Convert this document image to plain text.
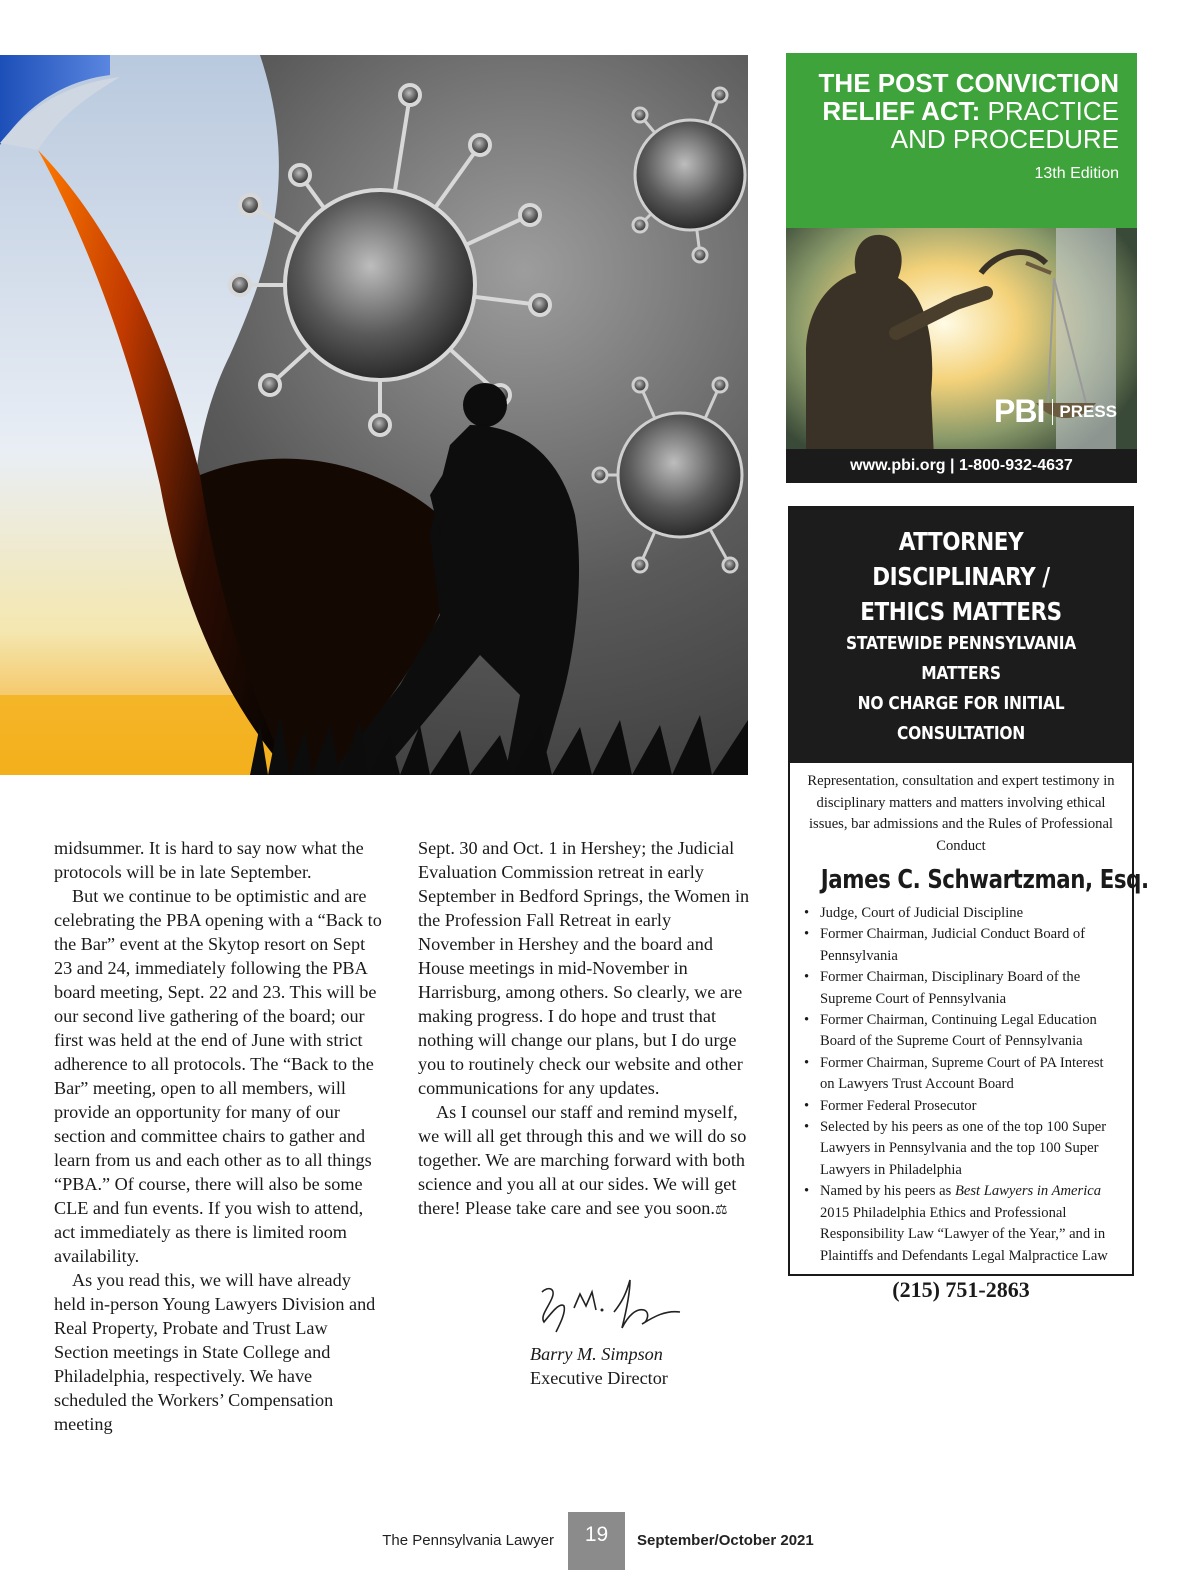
THE POST CONVICTION RELIEF ACT: PRACTICE AND PROCEDURE
13th Edition
PBI PRESS
www.pbi.org | 1-800-932-4637
ATTORNEY DISCIPLINARY /
ETHICS MATTERS
STATEWIDE PENNSYLVANIA MATTERS
NO CHARGE FOR INITIAL CONSULTATION
Representation, consultation and expert testimony in disciplinary matters and matters involving ethical issues, bar admissions and the Rules of Professional Conduct
James C. Schwartzman, Esq.
• Judge, Court of Judicial Discipline
• Former Chairman, Judicial Conduct Board of Pennsylvania
• Former Chairman, Disciplinary Board of the Supreme Court of Pennsylvania
• Former Chairman, Continuing Legal Education Board of the Supreme Court of Pennsylvania
• Former Chairman, Supreme Court of PA Interest on Lawyers Trust Account Board
• Former Federal Prosecutor
• Selected by his peers as one of the top 100 Super Lawyers in Pennsylvania and the top 100 Super Lawyers in Philadelphia
• Named by his peers as Best Lawyers in America 2015 Philadelphia Ethics and Professional Responsibility Law “Lawyer of the Year,” and in Plaintiffs and Defendants Legal Malpractice Law
(215) 751-2863

midsummer. It is hard to say now what the protocols will be in late September.

But we continue to be optimistic and are celebrating the PBA opening with a “Back to the Bar” event at the Skytop resort on Sept 23 and 24, immediately following the PBA board meeting, Sept. 22 and 23. This will be our second live gathering of the board; our first was held at the end of June with strict adherence to all protocols. The “Back to the Bar” meeting, open to all members, will provide an opportunity for many of our section and committee chairs to gather and learn from us and each other as to all things “PBA.” Of course, there will also be some CLE and fun events. If you wish to attend, act immediately as there is limited room availability.

As you read this, we will have already held in-person Young Lawyers Division and Real Property, Probate and Trust Law Section meetings in State College and Philadelphia, respectively. We have scheduled the Workers’ Compensation meeting

Sept. 30 and Oct. 1 in Hershey; the Judicial Evaluation Commission retreat in early September in Bedford Springs, the Women in the Profession Fall Retreat in early November in Hershey and the board and House meetings in mid-November in Harrisburg, among others. So clearly, we are making progress. I do hope and trust that nothing will change our plans, but I do urge you to routinely check our website and other communications for any updates.

As I counsel our staff and remind myself, we will all get through this and we will do so together. We are marching forward with both science and you all at our sides. We will get there! Please take care and see you soon.⚖

Barry M. Simpson
Executive Director
The Pennsylvania Lawyer	19	September/October 2021
